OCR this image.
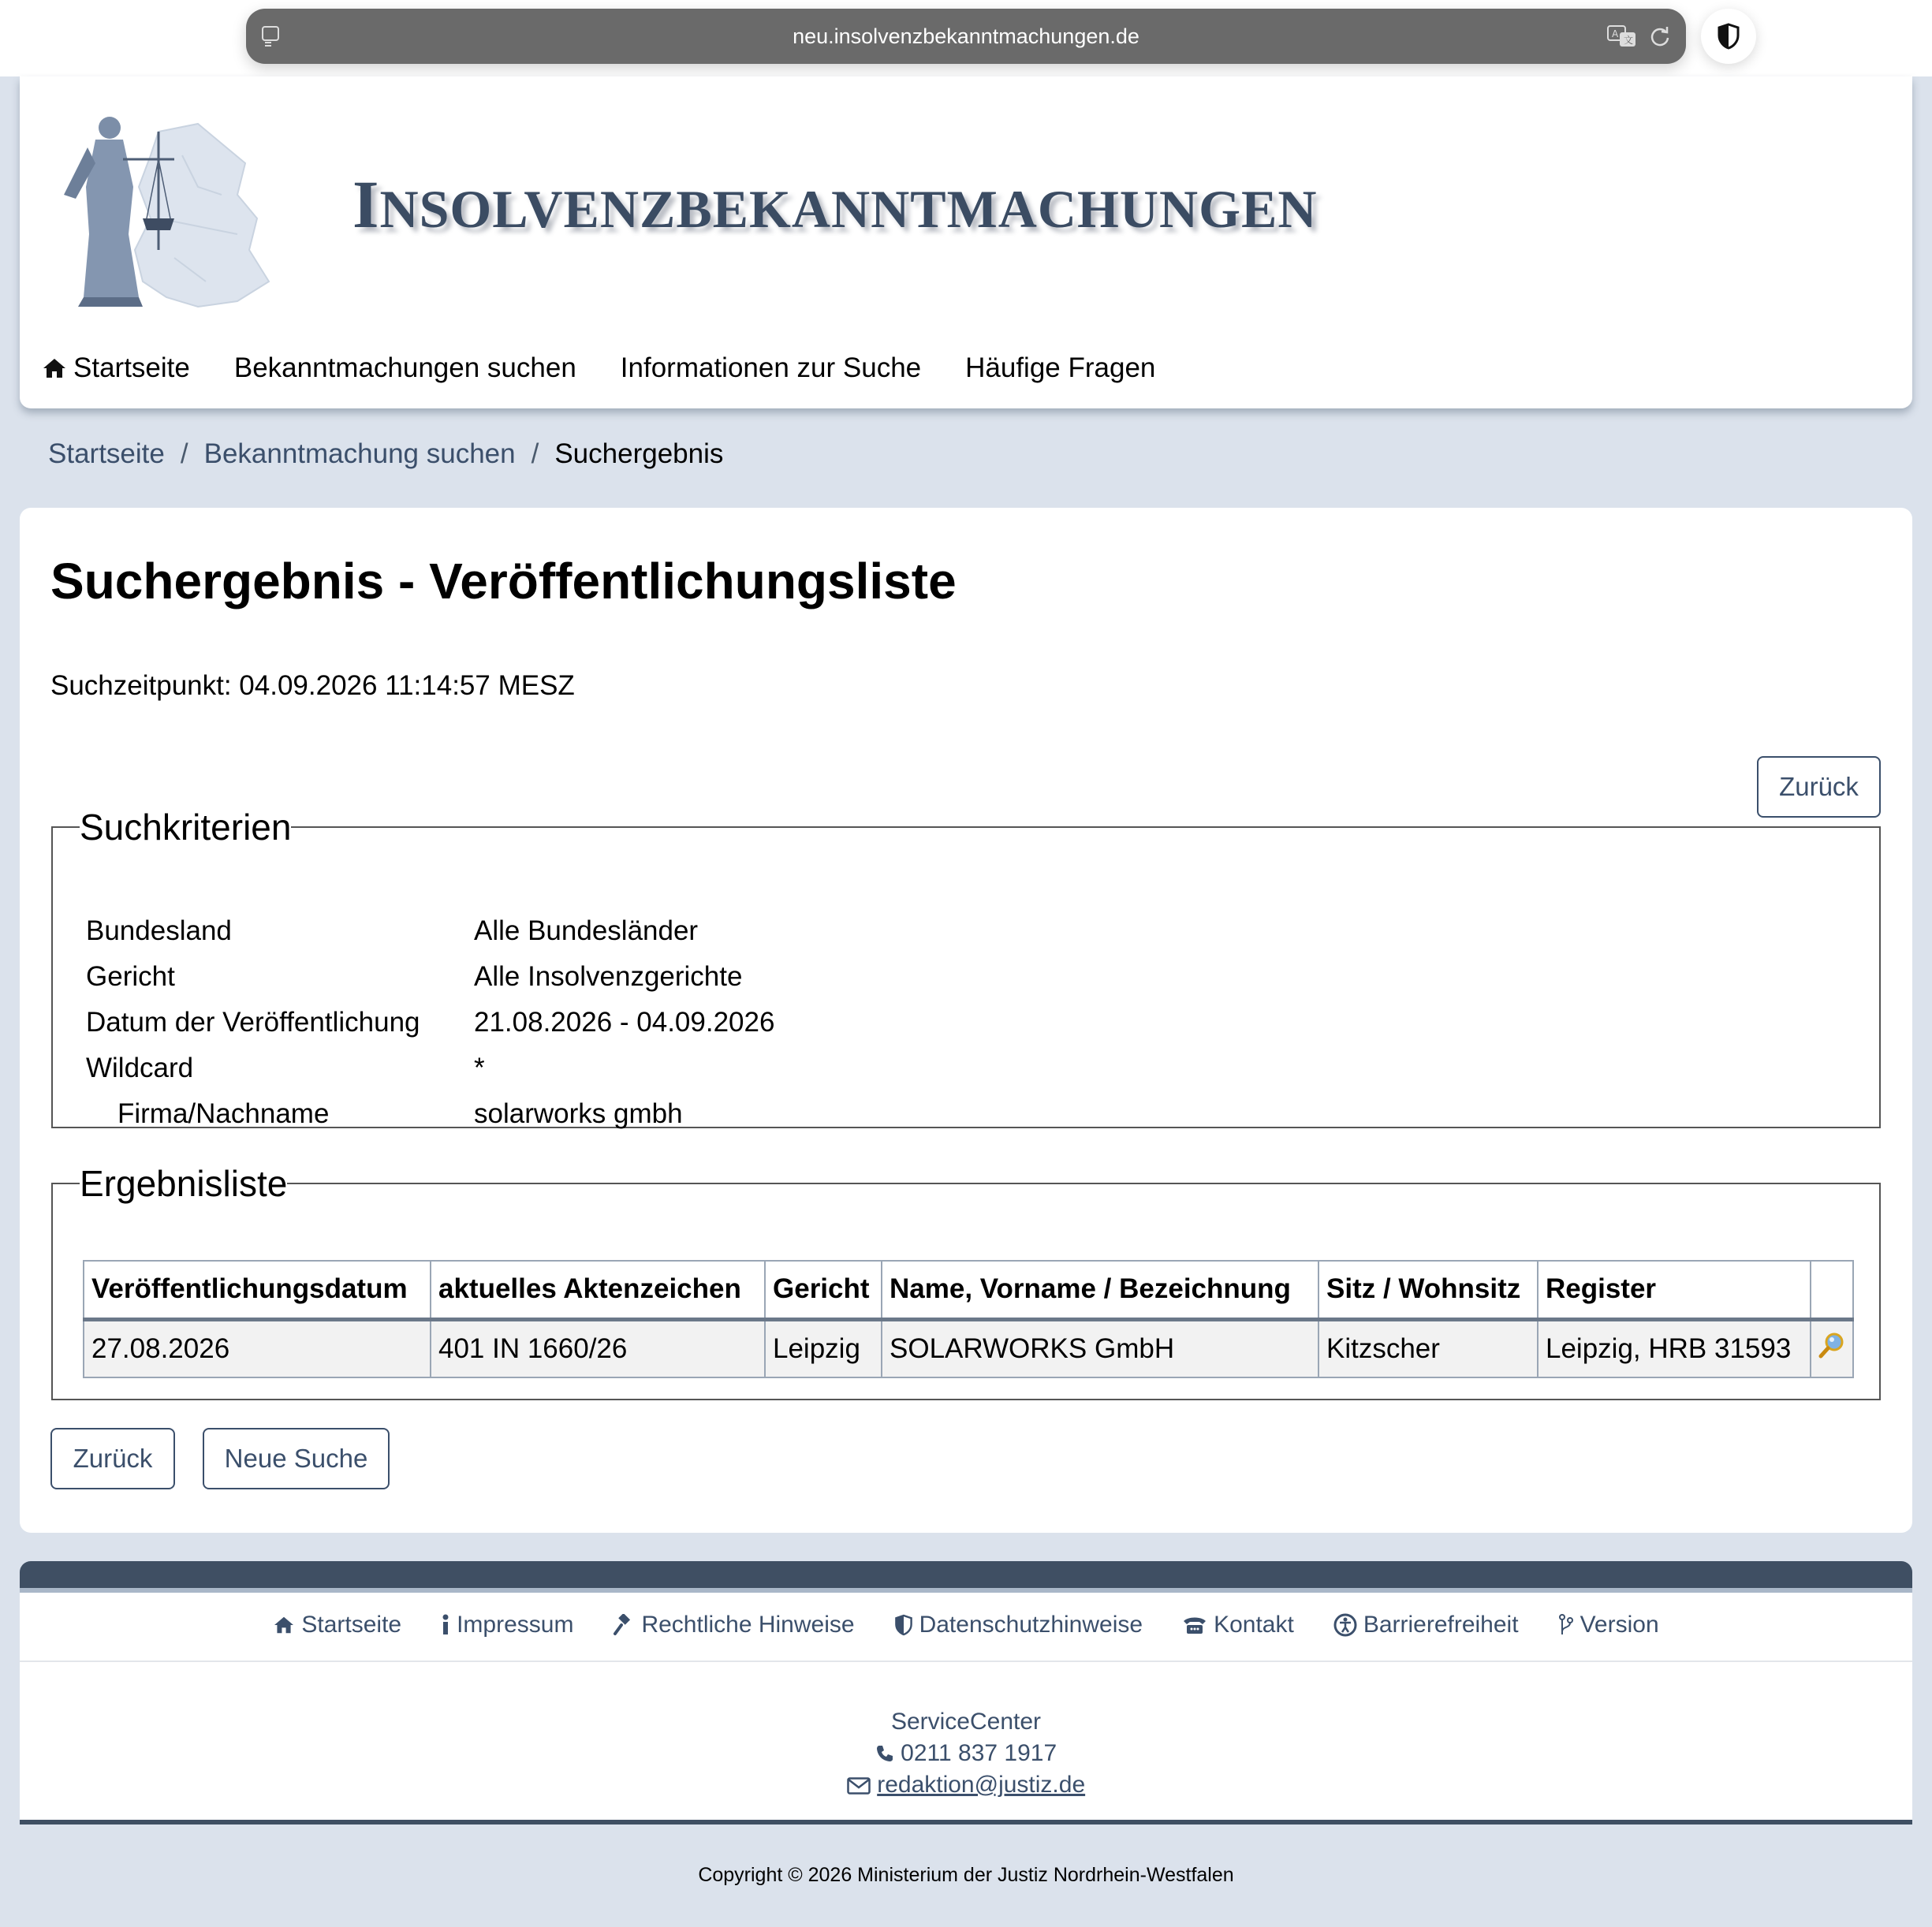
neu.insolvenzbekanntmachungen.de	A
文
INSOLVENZBEKANNTMACHUNGEN
Startseite Bekanntmachungen suchen Informationen zur Suche Häufige Fragen
Startseite / Bekanntmachung suchen / Suchergebnis
Suchergebnis - Veröffentlichungsliste
Suchzeitpunkt: 04.09.2026 11:14:57 MESZ
Zurück
Suchkriterien
Bundesland	Alle Bundesländer
Gericht	Alle Insolvenzgerichte
Datum der Veröffentlichung	21.08.2026 - 04.09.2026
Wildcard	*
Firma/Nachname	solarworks gmbh
Ergebnisliste
Veröffentlichungsdatum	aktuelles Aktenzeichen	Gericht	Name, Vorname / Bezeichnung	Sitz / Wohnsitz	Register	
27.08.2026	401 IN 1660/26	Leipzig	SOLARWORKS GmbH	Kitzscher	Leipzig, HRB 31593	
Zurück	Neue Suche
Startseite Impressum	Rechtliche Hinweise	Datenschutzhinweise	Kontakt	Barrierefreiheit	Version
ServiceCenter
0211 837 1917
redaktion@justiz.de
Copyright © 2026 Ministerium der Justiz Nordrhein-Westfalen
